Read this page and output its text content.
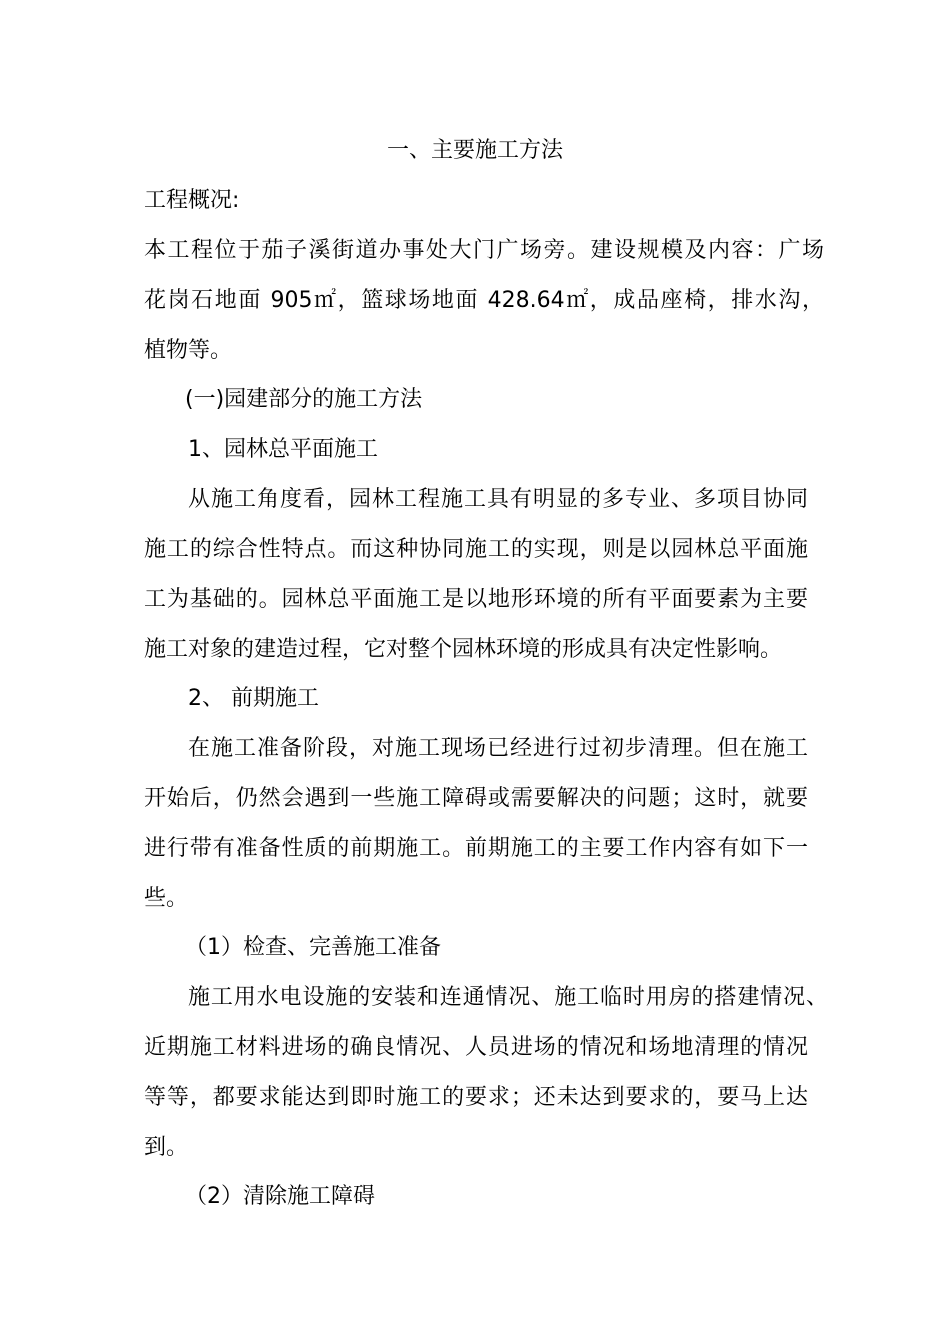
一、主要施工方法
工程概况:
本工程位于茄子溪街道办事处大门广场旁。建设规模及内容：广场
花岗石地面 905㎡，篮球场地面 428.64㎡，成品座椅，排水沟，
植物等。
(一)园建部分的施工方法
1、园林总平面施工
从施工角度看，园林工程施工具有明显的多专业、多项目协同
施工的综合性特点。而这种协同施工的实现，则是以园林总平面施
工为基础的。园林总平面施工是以地形环境的所有平面要素为主要
施工对象的建造过程，它对整个园林环境的形成具有决定性影响。
2、 前期施工
在施工准备阶段，对施工现场已经进行过初步清理。但在施工
开始后，仍然会遇到一些施工障碍或需要解决的问题；这时，就要
进行带有准备性质的前期施工。前期施工的主要工作内容有如下一
些。
（1）检查、完善施工准备
施工用水电设施的安装和连通情况、施工临时用房的搭建情况、
近期施工材料进场的确良情况、人员进场的情况和场地清理的情况
等等，都要求能达到即时施工的要求；还未达到要求的，要马上达
到。
（2）清除施工障碍
